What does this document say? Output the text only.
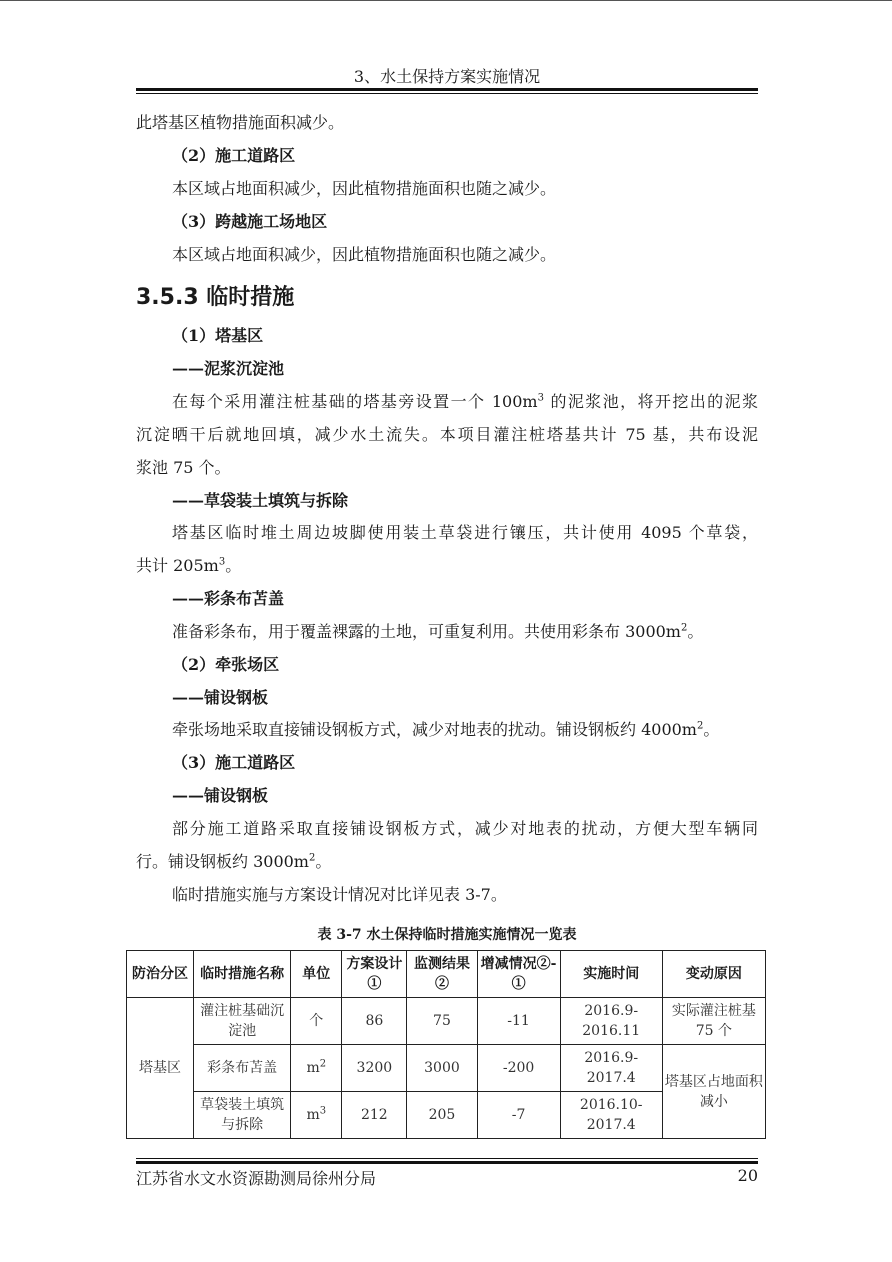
3、水土保持方案实施情况
此塔基区植物措施面积减少。
（2）施工道路区
本区域占地面积减少，因此植物措施面积也随之减少。
（3）跨越施工场地区
本区域占地面积减少，因此植物措施面积也随之减少。
3.5.3 临时措施
（1）塔基区
——泥浆沉淀池
在每个采用灌注桩基础的塔基旁设置一个 $100m^3$ 的泥浆池，将开挖出的泥浆
沉淀晒干后就地回填，减少水土流失。本项目灌注桩塔基共计 75 基，共布设泥
浆池 75 个。
——草袋装土填筑与拆除
塔基区临时堆土周边坡脚使用装土草袋进行镶压，共计使用 4095 个草袋，
共计 $205m^3$。
——彩条布苫盖
准备彩条布，用于覆盖裸露的土地，可重复利用。共使用彩条布 $3000m^2$。
（2）牵张场区
——铺设钢板
牵张场地采取直接铺设钢板方式，减少对地表的扰动。铺设钢板约 $4000m^2$。
（3）施工道路区
——铺设钢板
部分施工道路采取直接铺设钢板方式，减少对地表的扰动，方便大型车辆同
行。铺设钢板约 $3000m^2$。
临时措施实施与方案设计情况对比详见表 3-7。
表 3-7 水土保持临时措施实施情况一览表
防治分区	临时措施名称	单位	方案设计①	监测结果②	增减情况②-①	实施时间	变动原因
塔基区	灌注桩基础沉淀池	个	86	75	-11	2016.9-2016.11	实际灌注桩基 75 个
	彩条布苫盖	$m^2$	3200	3000	-200	2016.9-2017.4	塔基区占地面积减小
	草袋装土填筑与拆除	$m^3$	212	205	-7	2016.10-2017.4	
江苏省水文水资源勘测局徐州分局	20
